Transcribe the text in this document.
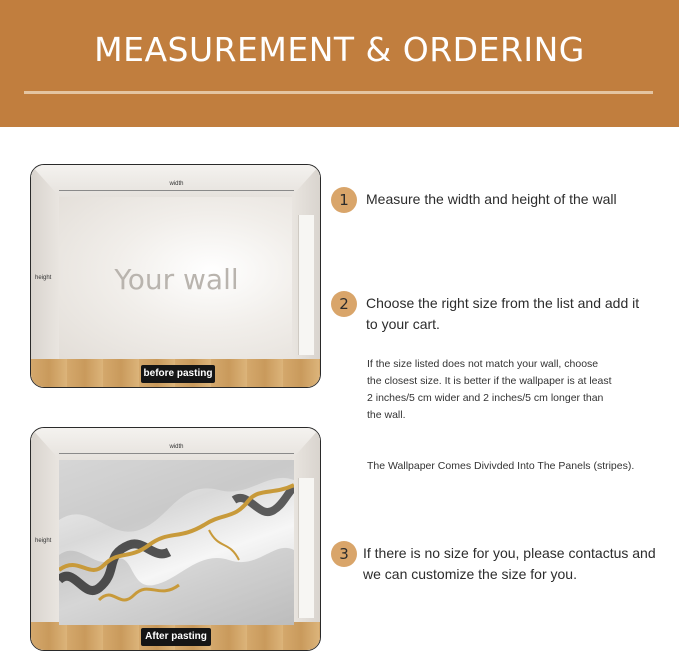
MEASUREMENT & ORDERING
width
height	Your wall
before pasting
width
height
After pasting
1	Measure the width and height of the wall
2	Choose the right size from the list and add it
to your cart.
If the size listed does not match your wall, choose
the closest size. It is better if the wallpaper is at least
2 inches/5 cm wider and 2 inches/5 cm longer than
the wall.
The Wallpaper Comes Divivded Into The Panels (stripes).
3	If there is no size for you, please contactus and
we can customize the size for you.
